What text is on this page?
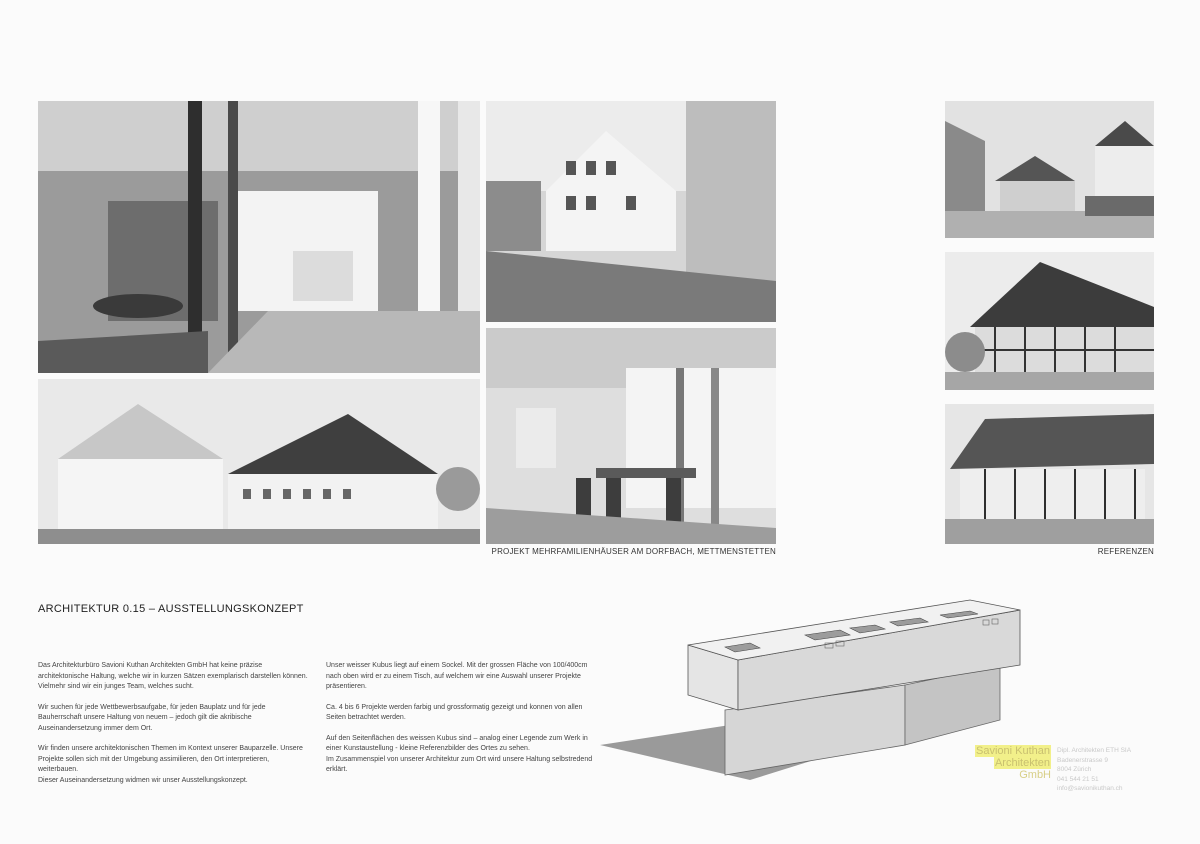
PROJEKT MEHRFAMILIENHÄUSER AM DORFBACH, METTMENSTETTEN	REFERENZEN
ARCHITEKTUR 0.15 – AUSSTELLUNGSKONZEPT

Das Architekturbüro Savioni Kuthan Architekten GmbH hat keine präzise architektonische Haltung, welche wir in kurzen Sätzen exemplarisch darstellen können. Vielmehr sind wir ein junges Team, welches sucht.

Wir suchen für jede Wettbewerbsaufgabe, für jeden Bauplatz und für jede Bauherrschaft unsere Haltung von neuem – jedoch gilt die akribische Auseinandersetzung immer dem Ort.

Wir finden unsere architektonischen Themen im Kontext unserer Bauparzelle. Unsere Projekte sollen sich mit der Umgebung assimilieren, den Ort interpretieren, weiterbauen.

Dieser Auseinandersetzung widmen wir unser Ausstellungskonzept.

Unser weisser Kubus liegt auf einem Sockel. Mit der grossen Fläche von 100/400cm nach oben wird er zu einem Tisch, auf welchem wir eine Auswahl unserer Projekte präsentieren.

Ca. 4 bis 6 Projekte werden farbig und grossformatig gezeigt und konnen von allen Seiten betrachtet werden.

Auf den Seitenflächen des weissen Kubus sind – analog einer Legende zum Werk in einer Kunstaustellung - kleine Referenzbilder des Ortes zu sehen.

Im Zusammenspiel von unserer Architektur zum Ort wird unsere Haltung selbstredend erklärt.

Savioni Kuthan
Architekten
GmbH
Dipl. Architekten ETH SIA
Badenerstrasse 9
8004 Zürich
041 544 21 51
info@savionikuthan.ch
